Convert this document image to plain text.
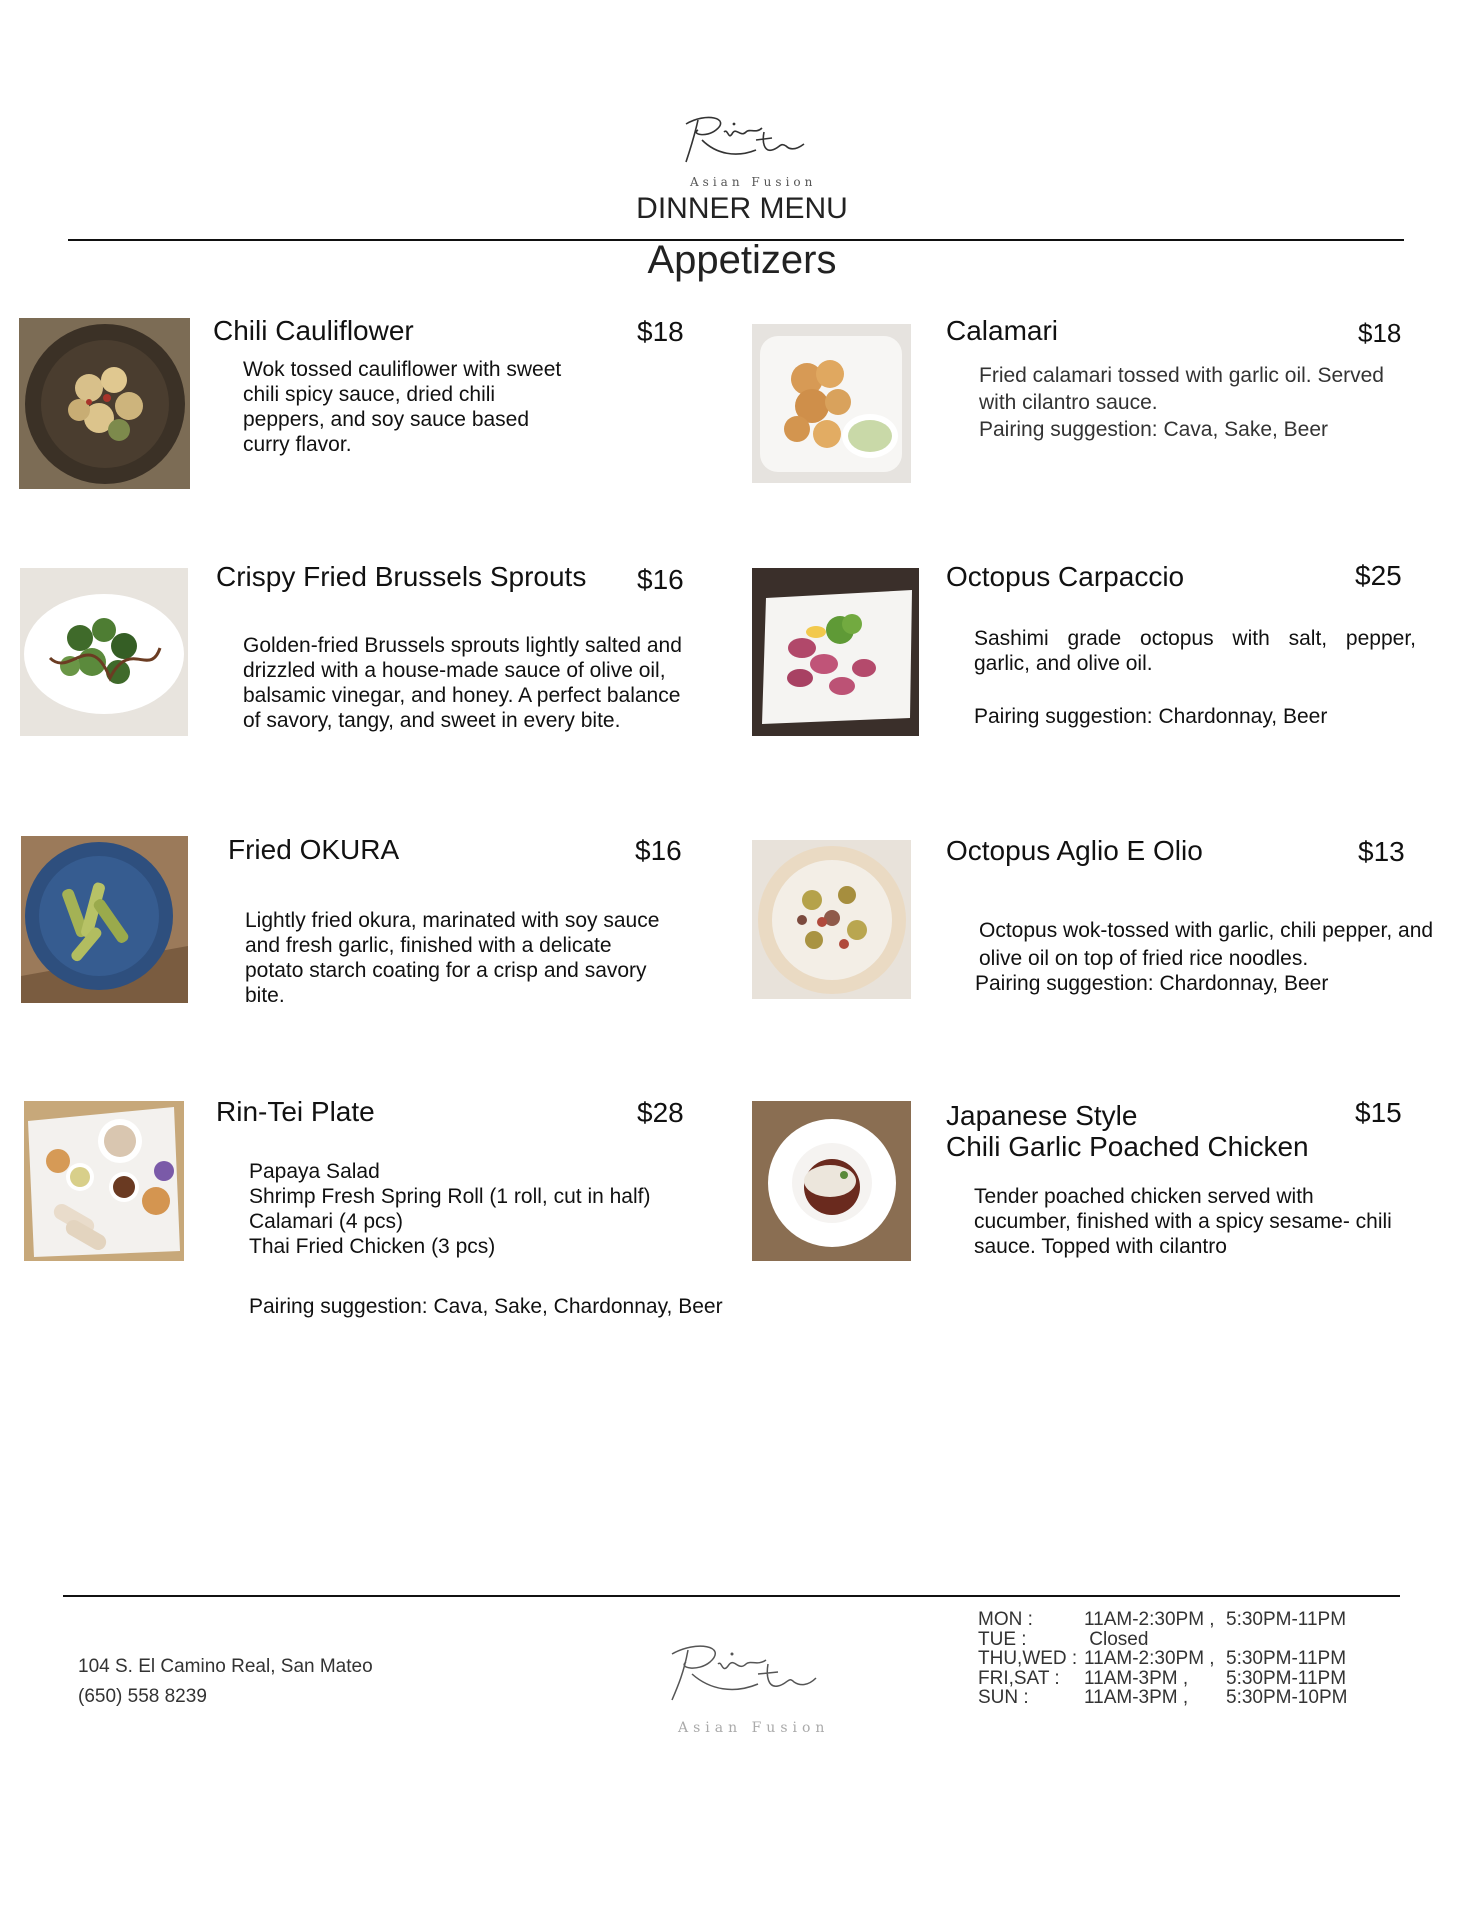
Asian Fusion
DINNER MENU
Appetizers
Chili Cauliflower	$18

Wok tossed cauliflower with sweet

chili spicy sauce, dried chili

peppers, and soy sauce based

curry flavor.

Calamari	$18

Fried calamari tossed with garlic oil. Served

with cilantro sauce.

Pairing suggestion: Cava, Sake, Beer

Crispy Fried Brussels Sprouts $16

Golden-fried Brussels sprouts lightly salted and

drizzled with a house-made sauce of olive oil,

balsamic vinegar, and honey. A perfect balance

of savory, tangy, and sweet in every bite.

Octopus Carpaccio	$25

Sashimi grade octopus with salt, pepper,

garlic, and olive oil.

Pairing suggestion: Chardonnay, Beer

Fried OKURA	$16

Lightly fried okura, marinated with soy sauce

and fresh garlic, finished with a delicate

potato starch coating for a crisp and savory

bite.

Octopus Aglio E Olio	$13

Octopus wok-tossed with garlic, chili pepper, and

olive oil on top of fried rice noodles.

Pairing suggestion: Chardonnay, Beer

Rin-Tei Plate	$28

Papaya Salad

Shrimp Fresh Spring Roll (1 roll, cut in half)

Calamari (4 pcs)

Thai Fried Chicken (3 pcs)

Pairing suggestion: Cava, Sake, Chardonnay, Beer

Japanese Style
Chili Garlic Poached Chicken
$15

Tender poached chicken served with

cucumber, finished with a spicy sesame- chili

sauce. Topped with cilantro

104 S. El Camino Real, San Mateo
(650) 558 8239
Asian Fusion
MON :	11AM-2:30PM , 5:30PM-11PM
TUE :	Closed
THU,WED : 11AM-2:30PM , 5:30PM-11PM
FRI,SAT :	11AM-3PM ,	5:30PM-11PM
SUN :	11AM-3PM ,	5:30PM-10PM
